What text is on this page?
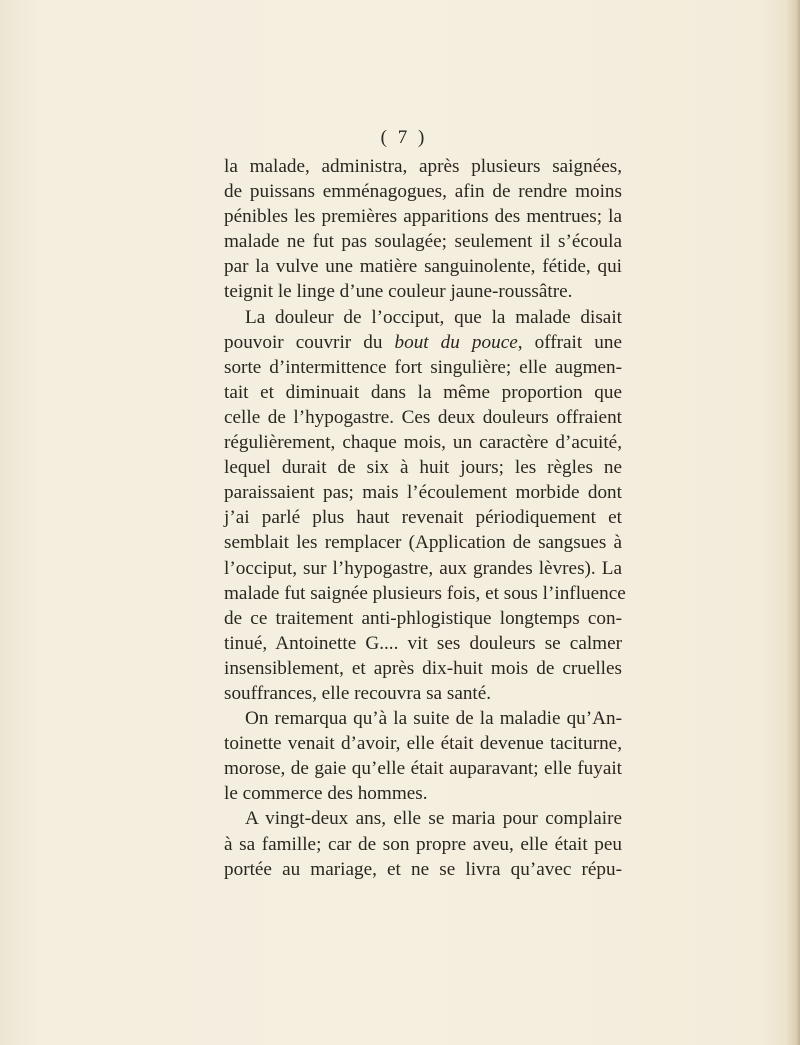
( 7 )
la malade, administra, après plusieurs saignées,
de puissans emménagogues, afin de rendre moins
pénibles les premières apparitions des mentrues; la
malade ne fut pas soulagée; seulement il s’écoula
par la vulve une matière sanguinolente, fétide, qui
teignit le linge d’une couleur jaune-roussâtre.
La douleur de l’occiput, que la malade disait
pouvoir couvrir du bout du pouce, offrait une
sorte d’intermittence fort singulière; elle augmen-
tait et diminuait dans la même proportion que
celle de l’hypogastre. Ces deux douleurs offraient
régulièrement, chaque mois, un caractère d’acuité,
lequel durait de six à huit jours; les règles ne
paraissaient pas; mais l’écoulement morbide dont
j’ai parlé plus haut revenait périodiquement et
semblait les remplacer (Application de sangsues à
l’occiput, sur l’hypogastre, aux grandes lèvres). La
malade fut saignée plusieurs fois, et sous l’influence
de ce traitement anti-phlogistique longtemps con-
tinué, Antoinette G.... vit ses douleurs se calmer
insensiblement, et après dix-huit mois de cruelles
souffrances, elle recouvra sa santé.
On remarqua qu’à la suite de la maladie qu’An-
toinette venait d’avoir, elle était devenue taciturne,
morose, de gaie qu’elle était auparavant; elle fuyait
le commerce des hommes.
A vingt-deux ans, elle se maria pour complaire
à sa famille; car de son propre aveu, elle était peu
portée au mariage, et ne se livra qu’avec répu-
